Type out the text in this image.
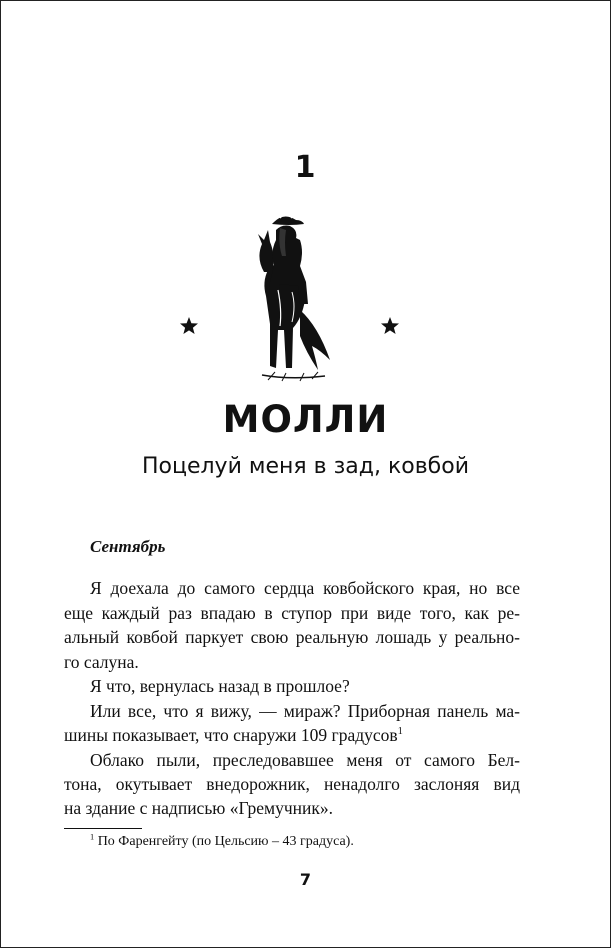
1
МОЛЛИ
Поцелуй меня в зад, ковбой
Сентябрь
Я доехала до самого сердца ковбойского края, но все
еще каждый раз впадаю в ступор при виде того, как ре-
альный ковбой паркует свою реальную лошадь у реально-
го салуна.
Я что, вернулась назад в прошлое?
Или все, что я вижу, — мираж? Приборная панель ма-
шины показывает, что снаружи 109 градусов$^1$
Облако пыли, преследовавшее меня от самого Бел-
тона, окутывает внедорожник, ненадолго заслоняя вид
на здание с надписью «Гремучник».
$^1$ По Фаренгейту (по Цельсию – 43 градуса).
7
